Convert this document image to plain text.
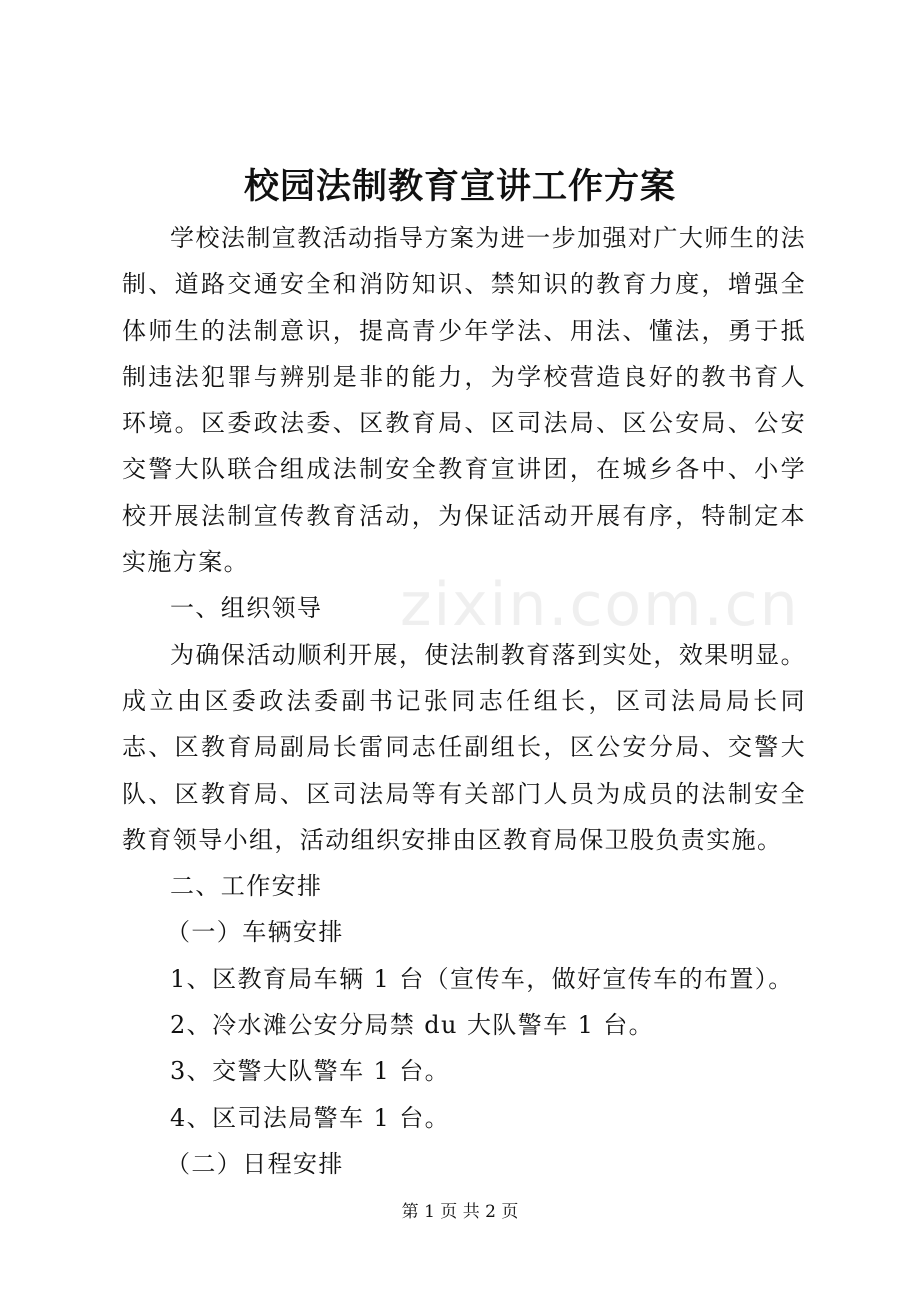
zixin.com.cn
校园法制教育宣讲工作方案

学校法制宣教活动指导方案为进一步加强对广大师生的法制、道路交通安全和消防知识、禁知识的教育力度，增强全体师生的法制意识，提高青少年学法、用法、懂法，勇于抵制违法犯罪与辨别是非的能力，为学校营造良好的教书育人环境。区委政法委、区教育局、区司法局、区公安局、公安交警大队联合组成法制安全教育宣讲团，在城乡各中、小学校开展法制宣传教育活动，为保证活动开展有序，特制定本实施方案。

一、组织领导

为确保活动顺利开展，使法制教育落到实处，效果明显。成立由区委政法委副书记张同志任组长，区司法局局长同志、区教育局副局长雷同志任副组长，区公安分局、交警大队、区教育局、区司法局等有关部门人员为成员的法制安全教育领导小组，活动组织安排由区教育局保卫股负责实施。

二、工作安排

（一）车辆安排

1、区教育局车辆 1 台（宣传车，做好宣传车的布置）。

2、冷水滩公安分局禁 du 大队警车 1 台。

3、交警大队警车 1 台。

4、区司法局警车 1 台。

（二）日程安排

第 1 页 共 2 页
